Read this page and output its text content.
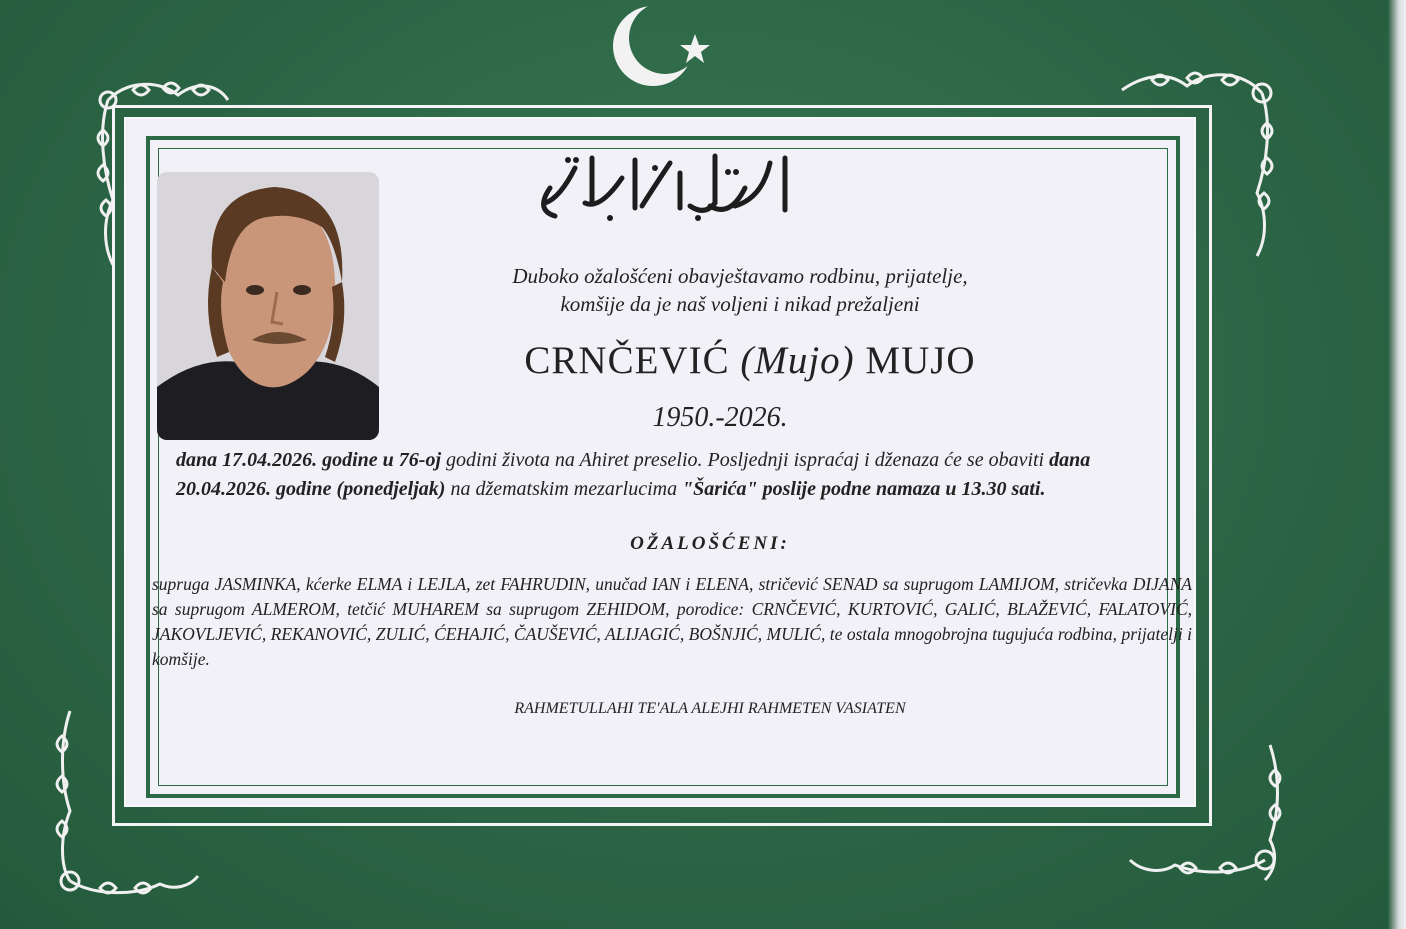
Duboko ožalošćeni obavještavamo rodbinu, prijatelje,
komšije da je naš voljeni i nikad prežaljeni
CRNČEVIĆ (Mujo) MUJO
1950.-2026.
dana 17.04.2026. godine u 76-oj godini života na Ahiret preselio. Posljednji ispraćaj i dženaza će se obaviti dana 20.04.2026. godine (ponedjeljak) na džematskim mezarlucima "Šarića" poslije podne namaza u 13.30 sati.
OŽALOŠĆENI:
supruga JASMINKA, kćerke ELMA i LEJLA, zet FAHRUDIN, unučad IAN i ELENA, stričević SENAD sa suprugom LAMIJOM, stričevka DIJANA sa suprugom ALMEROM, tetčić MUHAREM sa suprugom ZEHIDOM, porodice: CRNČEVIĆ, KURTOVIĆ, GALIĆ, BLAŽEVIĆ, FALATOVIĆ, JAKOVLJEVIĆ, REKANOVIĆ, ZULIĆ, ĆEHAJIĆ, ČAUŠEVIĆ, ALIJAGIĆ, BOŠNJIĆ, MULIĆ, te ostala mnogobrojna tugujuća rodbina, prijatelji i komšije.
RAHMETULLAHI TE'ALA ALEJHI RAHMETEN VASIATEN
